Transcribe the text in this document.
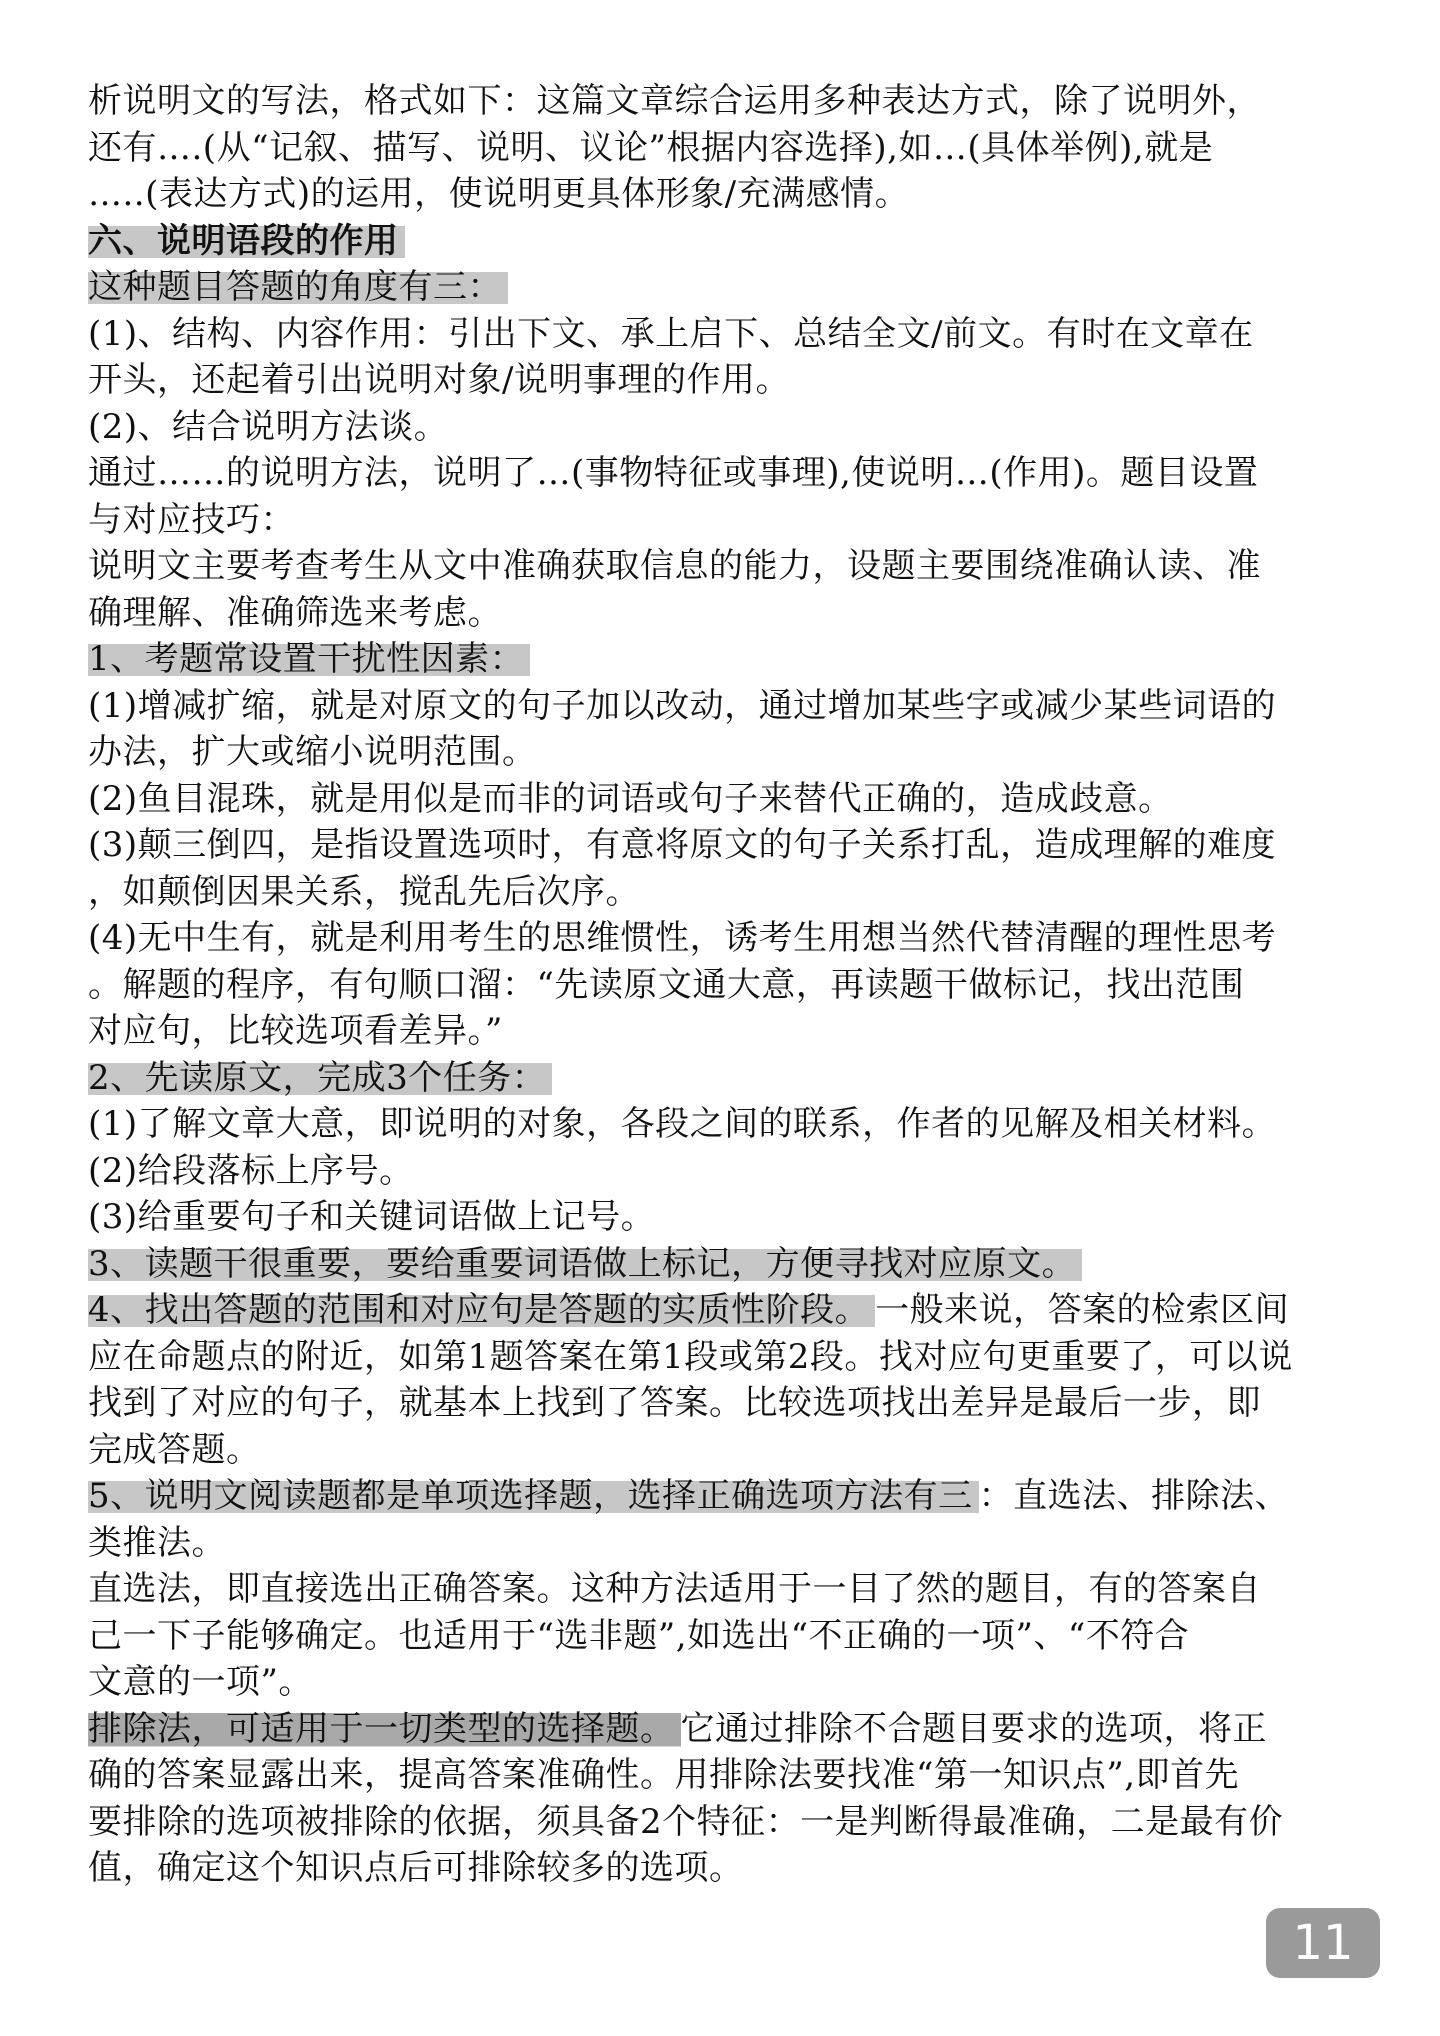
析说明文的写法，格式如下：这篇文章综合运用多种表达方式，除了说明外，
还有….(从“记叙、描写、说明、议论”根据内容选择),如…(具体举例),就是
…..(表达方式)的运用，使说明更具体形象/充满感情。
六、说明语段的作用
这种题目答题的角度有三：
(1)、结构、内容作用：引出下文、承上启下、总结全文/前文。有时在文章在
开头，还起着引出说明对象/说明事理的作用。
(2)、结合说明方法谈。
通过……的说明方法，说明了…(事物特征或事理),使说明…(作用)。题目设置
与对应技巧：
说明文主要考查考生从文中准确获取信息的能力，设题主要围绕准确认读、准
确理解、准确筛选来考虑。
1、考题常设置干扰性因素：
(1)增减扩缩，就是对原文的句子加以改动，通过增加某些字或减少某些词语的
办法，扩大或缩小说明范围。
(2)鱼目混珠，就是用似是而非的词语或句子来替代正确的，造成歧意。
(3)颠三倒四，是指设置选项时，有意将原文的句子关系打乱，造成理解的难度
，如颠倒因果关系，搅乱先后次序。
(4)无中生有，就是利用考生的思维惯性，诱考生用想当然代替清醒的理性思考
。解题的程序，有句顺口溜：“先读原文通大意，再读题干做标记，找出范围
对应句，比较选项看差异。”
2、先读原文，完成3个任务：
(1)了解文章大意，即说明的对象，各段之间的联系，作者的见解及相关材料。
(2)给段落标上序号。
(3)给重要句子和关键词语做上记号。
3、读题干很重要，要给重要词语做上标记，方便寻找对应原文。
4、找出答题的范围和对应句是答题的实质性阶段。 一般来说，答案的检索区间
应在命题点的附近，如第1题答案在第1段或第2段。找对应句更重要了，可以说
找到了对应的句子，就基本上找到了答案。比较选项找出差异是最后一步，即
完成答题。
5、说明文阅读题都是单项选择题，选择正确选项方法有三 ：直选法、排除法、
类推法。
直选法，即直接选出正确答案。这种方法适用于一目了然的题目，有的答案自
己一下子能够确定。也适用于“选非题”,如选出“不正确的一项”、“不符合
文意的一项”。
排除法，可适用于一切类型的选择题。 它通过排除不合题目要求的选项，将正
确的答案显露出来，提高答案准确性。用排除法要找准“第一知识点”,即首先
要排除的选项被排除的依据，须具备2个特征：一是判断得最准确，二是最有价
值，确定这个知识点后可排除较多的选项。
11
